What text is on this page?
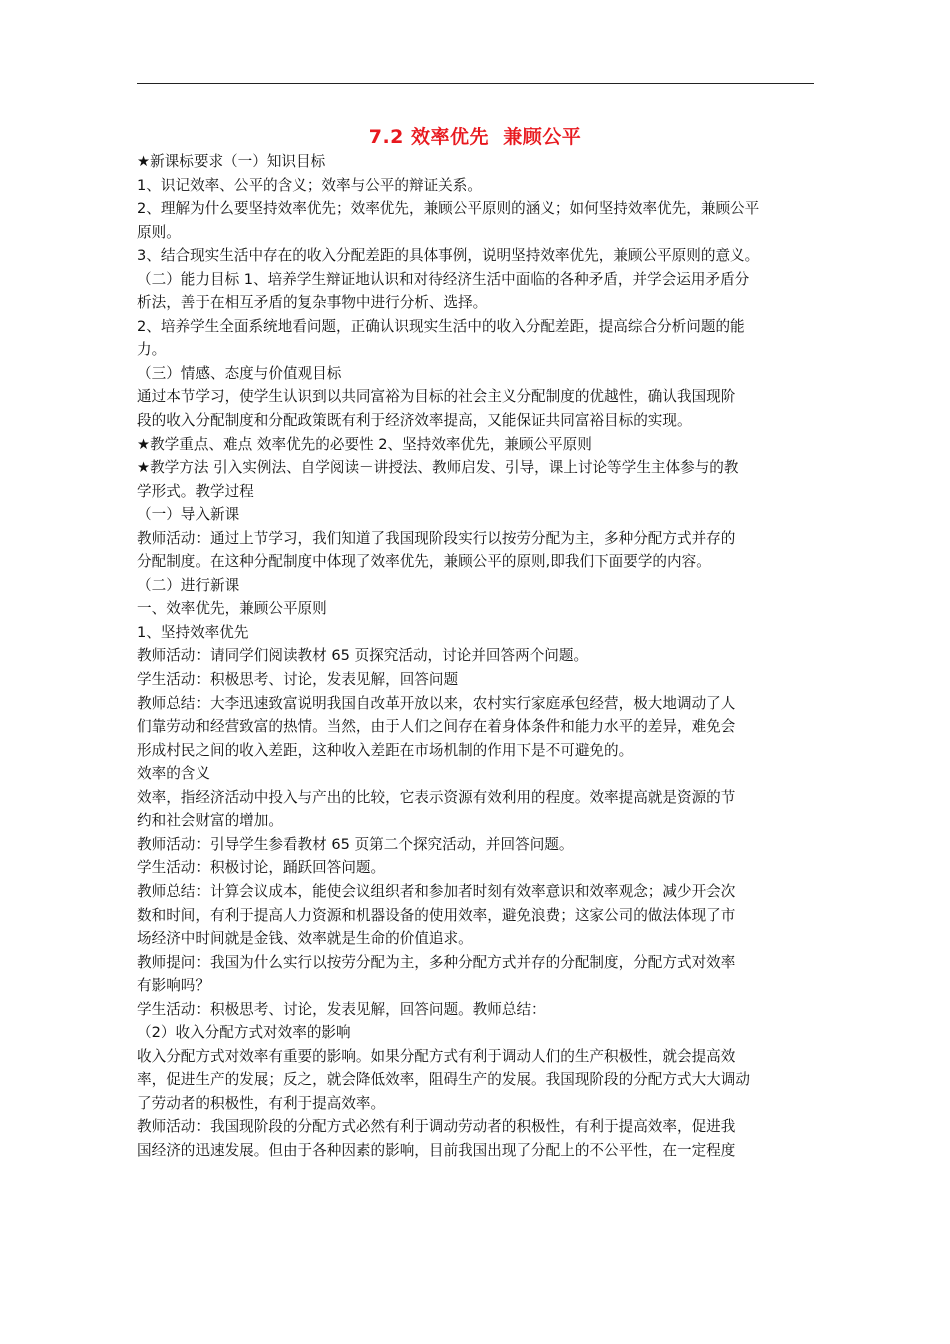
7.2 效率优先  兼顾公平
★新课标要求（一）知识目标
1、识记效率、公平的含义；效率与公平的辩证关系。
2、理解为什么要坚持效率优先；效率优先，兼顾公平原则的涵义；如何坚持效率优先，兼顾公平
原则。
3、结合现实生活中存在的收入分配差距的具体事例，说明坚持效率优先，兼顾公平原则的意义。
（二）能力目标 1、培养学生辩证地认识和对待经济生活中面临的各种矛盾，并学会运用矛盾分
析法，善于在相互矛盾的复杂事物中进行分析、选择。
2、培养学生全面系统地看问题，正确认识现实生活中的收入分配差距，提高综合分析问题的能
力。
（三）情感、态度与价值观目标
通过本节学习，使学生认识到以共同富裕为目标的社会主义分配制度的优越性，确认我国现阶
段的收入分配制度和分配政策既有利于经济效率提高，又能保证共同富裕目标的实现。
★教学重点、难点 效率优先的必要性 2、坚持效率优先，兼顾公平原则
★教学方法 引入实例法、自学阅读－讲授法、教师启发、引导，课上讨论等学生主体参与的教
学形式。教学过程
（一）导入新课
教师活动：通过上节学习，我们知道了我国现阶段实行以按劳分配为主，多种分配方式并存的
分配制度。在这种分配制度中体现了效率优先，兼顾公平的原则,即我们下面要学的内容。
（二）进行新课
一、效率优先，兼顾公平原则
1、坚持效率优先
教师活动：请同学们阅读教材 65 页探究活动，讨论并回答两个问题。
学生活动：积极思考、讨论，发表见解，回答问题
教师总结：大李迅速致富说明我国自改革开放以来，农村实行家庭承包经营，极大地调动了人
们靠劳动和经营致富的热情。当然，由于人们之间存在着身体条件和能力水平的差异，难免会
形成村民之间的收入差距，这种收入差距在市场机制的作用下是不可避免的。
效率的含义
效率，指经济活动中投入与产出的比较，它表示资源有效利用的程度。效率提高就是资源的节
约和社会财富的增加。
教师活动：引导学生参看教材 65 页第二个探究活动，并回答问题。
学生活动：积极讨论，踊跃回答问题。
教师总结：计算会议成本，能使会议组织者和参加者时刻有效率意识和效率观念；减少开会次
数和时间，有利于提高人力资源和机器设备的使用效率，避免浪费；这家公司的做法体现了市
场经济中时间就是金钱、效率就是生命的价值追求。
教师提问：我国为什么实行以按劳分配为主，多种分配方式并存的分配制度，分配方式对效率
有影响吗？
学生活动：积极思考、讨论，发表见解，回答问题。教师总结：
（2）收入分配方式对效率的影响
收入分配方式对效率有重要的影响。如果分配方式有利于调动人们的生产积极性，就会提高效
率，促进生产的发展；反之，就会降低效率，阻碍生产的发展。我国现阶段的分配方式大大调动
了劳动者的积极性，有利于提高效率。
教师活动：我国现阶段的分配方式必然有利于调动劳动者的积极性，有利于提高效率，促进我
国经济的迅速发展。但由于各种因素的影响，目前我国出现了分配上的不公平性，在一定程度
